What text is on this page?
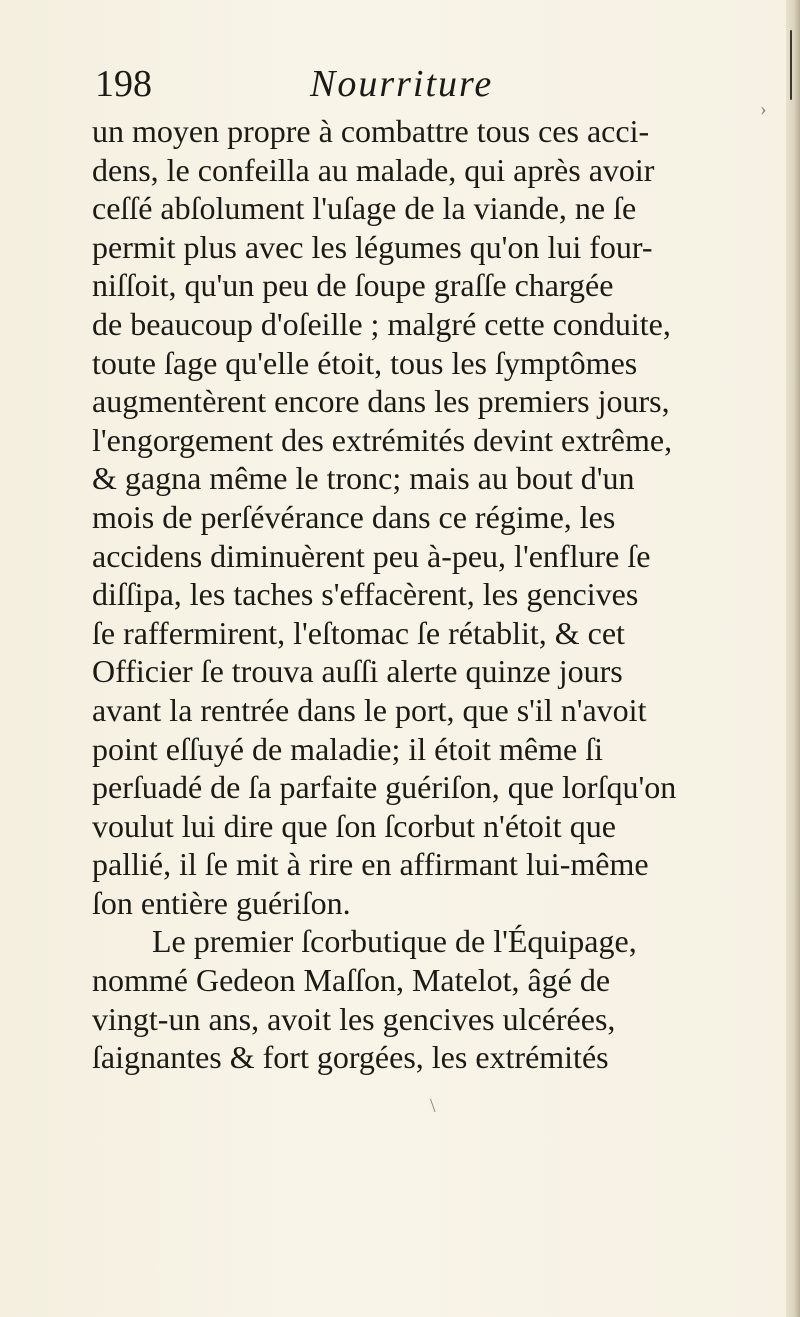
198	Nourriture
un moyen propre à combattre tous ces acci-
dens, le confeilla au malade, qui après avoir
ceſſé abſolument l'uſage de la viande, ne ſe
permit plus avec les légumes qu'on lui four-
niſſoit, qu'un peu de ſoupe graſſe chargée
de beaucoup d'oſeille ; malgré cette conduite,
toute ſage qu'elle étoit, tous les ſymptômes
augmentèrent encore dans les premiers jours,
l'engorgement des extrémités devint extrême,
& gagna même le tronc; mais au bout d'un
mois de perſévérance dans ce régime, les
accidens diminuèrent peu à-peu, l'enflure ſe
diſſipa, les taches s'effacèrent, les gencives
ſe raffermirent, l'eſtomac ſe rétablit, & cet
Officier ſe trouva auſſi alerte quinze jours
avant la rentrée dans le port, que s'il n'avoit
point eſſuyé de maladie; il étoit même ſi
perſuadé de ſa parfaite guériſon, que lorſqu'on
voulut lui dire que ſon ſcorbut n'étoit que
pallié, il ſe mit à rire en affirmant lui-même
ſon entière guériſon.
Le premier ſcorbutique de l'Équipage,
nommé Gedeon Maſſon, Matelot, âgé de
vingt-un ans, avoit les gencives ulcérées,
ſaignantes & fort gorgées, les extrémités
›
\
